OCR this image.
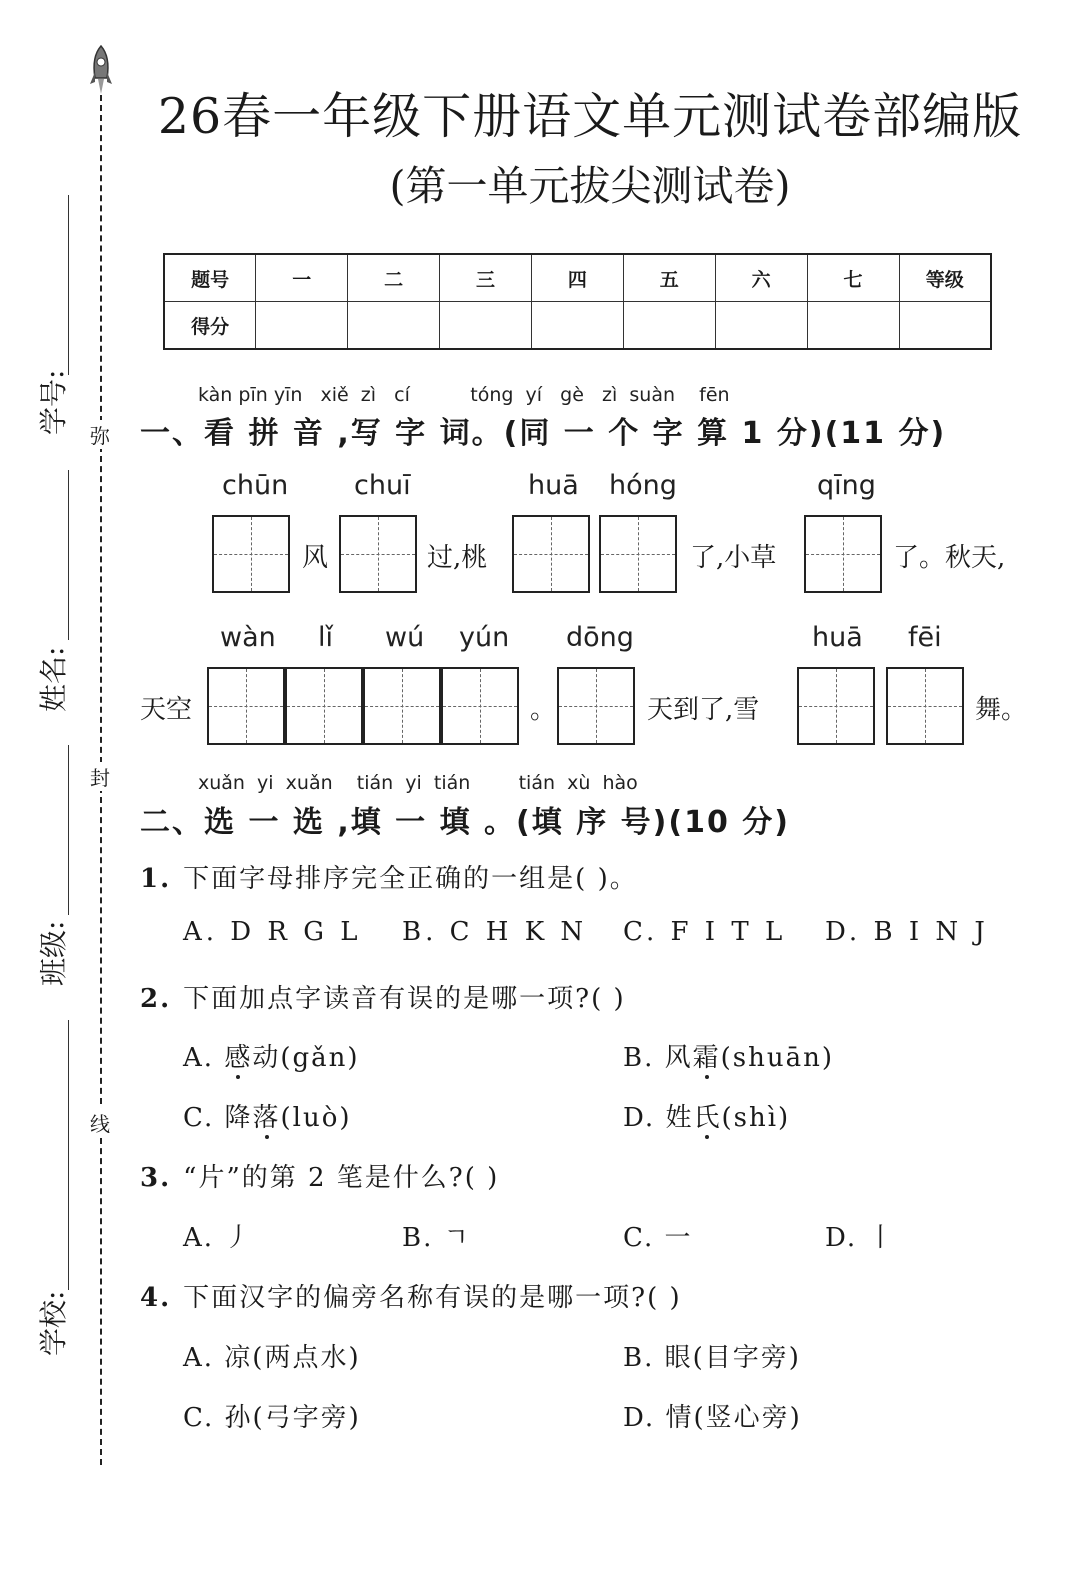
弥
封
线
学号:
姓名:
班级:
学校:
26春一年级下册语文单元测试卷部编版
(第一单元拔尖测试卷)
题号	一	二	三	四	五	六	七	等级
得分								
kàn pīn yīn   xiě  zì   cí          tóng  yí   gè   zì  suàn    fēn
一、看 拼 音 ,写 字 词。(同 一 个 字 算 1 分)(11 分)
chūn chuī	huā hóng	qīng
风	过,桃	了,小草	了。秋天,
wàn lǐ wú yún dōng	huā fēi
天空	。	天到了,雪	舞。
xuǎn  yi  xuǎn    tián  yi  tián        tián  xù  hào
二、选 一 选 ,填 一 填 。(填 序 号)(10 分)
1. 下面字母排序完全正确的一组是( )。
A. D R G L B. C H K N C. F I T L D. B I N J
2. 下面加点字读音有误的是哪一项?( )
A. 感动(gǎn)	B. 风霜(shuān)
C. 降落(luò)	D. 姓氏(shì)
3. “片”的第 2 笔是什么?( )
A. 丿	B. ㄱ	C. 一	D. 丨
4. 下面汉字的偏旁名称有误的是哪一项?( )
A. 凉(两点水)	B. 眼(目字旁)
C. 孙(弓字旁)	D. 情(竖心旁)
